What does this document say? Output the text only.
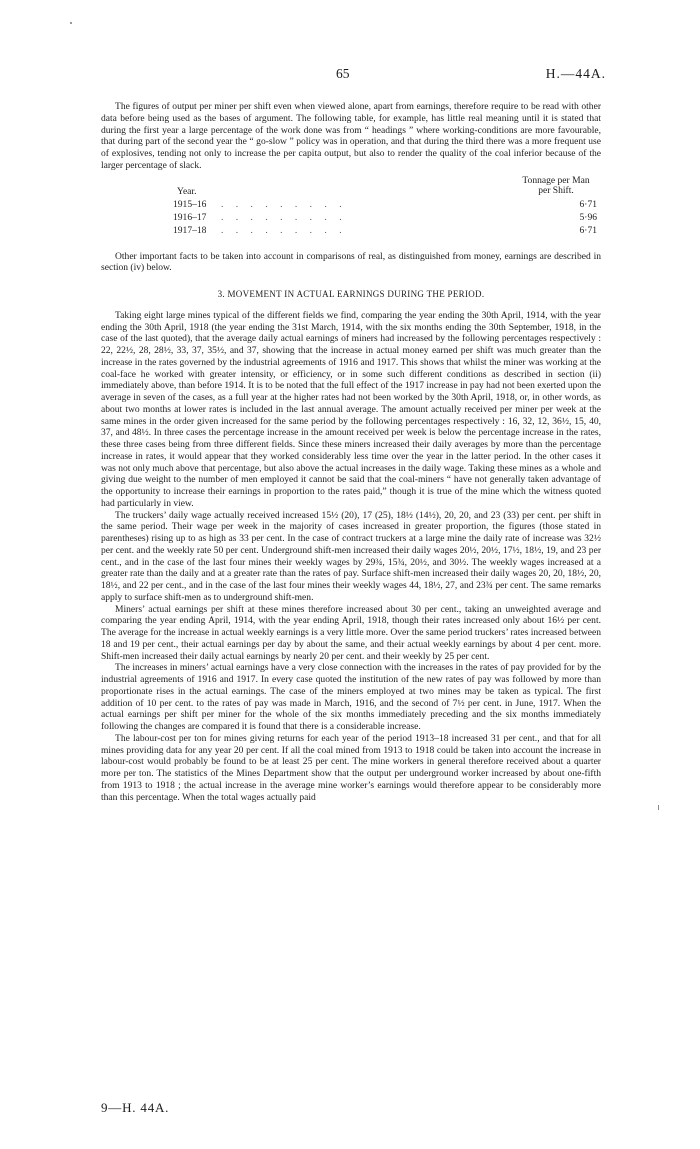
65	H.—44A.

The figures of output per miner per shift even when viewed alone, apart from earnings, therefore require to be read with other data before being used as the bases of argument. The following table, for example, has little real meaning until it is stated that during the first year a large percentage of the work done was from “ headings ” where working-conditions are more favourable, that during part of the second year the “ go-slow ” policy was in operation, and that during the third there was a more frequent use of explosives, tending not only to increase the per capita output, but also to render the quality of the coal inferior because of the larger percentage of slack.

Year.
Tonnage per Man
per Shift.
1915–16 . . . . . . . . .	6·71
1916–17 . . . . . . . . .	5·96
1917–18 . . . . . . . . .	6·71

Other important facts to be taken into account in comparisons of real, as distinguished from money, earnings are described in section (iv) below.

3. MOVEMENT IN ACTUAL EARNINGS DURING THE PERIOD.

Taking eight large mines typical of the different fields we find, comparing the year ending the 30th April, 1914, with the year ending the 30th April, 1918 (the year ending the 31st March, 1914, with the six months ending the 30th September, 1918, in the case of the last quoted), that the average daily actual earnings of miners had increased by the following percentages respectively : 22, 22½, 28, 28½, 33, 37, 35½, and 37, showing that the increase in actual money earned per shift was much greater than the increase in the rates governed by the industrial agreements of 1916 and 1917. This shows that whilst the miner was working at the coal-face he worked with greater intensity, or efficiency, or in some such different conditions as described in section (ii) immediately above, than before 1914. It is to be noted that the full effect of the 1917 increase in pay had not been exerted upon the average in seven of the cases, as a full year at the higher rates had not been worked by the 30th April, 1918, or, in other words, as about two months at lower rates is included in the last annual average. The amount actually received per miner per week at the same mines in the order given increased for the same period by the following percentages respectively : 16, 32, 12, 36½, 15, 40, 37, and 48½. In three cases the percentage increase in the amount received per week is below the percentage increase in the rates, these three cases being from three different fields. Since these miners increased their daily averages by more than the percentage increase in rates, it would appear that they worked considerably less time over the year in the latter period. In the other cases it was not only much above that percentage, but also above the actual increases in the daily wage. Taking these mines as a whole and giving due weight to the number of men employed it cannot be said that the coal-miners “ have not generally taken advantage of the opportunity to increase their earnings in proportion to the rates paid,” though it is true of the mine which the witness quoted had particularly in view.

The truckers’ daily wage actually received increased 15½ (20), 17 (25), 18½ (14½), 20, 20, and 23 (33) per cent. per shift in the same period. Their wage per week in the majority of cases increased in greater proportion, the figures (those stated in parentheses) rising up to as high as 33 per cent. In the case of contract truckers at a large mine the daily rate of increase was 32½ per cent. and the weekly rate 50 per cent. Underground shift-men increased their daily wages 20½, 20½, 17½, 18½, 19, and 23 per cent., and in the case of the last four mines their weekly wages by 29¾, 15¾, 20½, and 30½. The weekly wages increased at a greater rate than the daily and at a greater rate than the rates of pay. Surface shift-men increased their daily wages 20, 20, 18½, 20, 18½, and 22 per cent., and in the case of the last four mines their weekly wages 44, 18½, 27, and 23¾ per cent. The same remarks apply to surface shift-men as to underground shift-men.

Miners’ actual earnings per shift at these mines therefore increased about 30 per cent., taking an unweighted average and comparing the year ending April, 1914, with the year ending April, 1918, though their rates increased only about 16½ per cent. The average for the increase in actual weekly earnings is a very little more. Over the same period truckers’ rates increased between 18 and 19 per cent., their actual earnings per day by about the same, and their actual weekly earnings by about 4 per cent. more. Shift-men increased their daily actual earnings by nearly 20 per cent. and their weekly by 25 per cent.

The increases in miners’ actual earnings have a very close connection with the increases in the rates of pay provided for by the industrial agreements of 1916 and 1917. In every case quoted the institution of the new rates of pay was followed by more than proportionate rises in the actual earnings. The case of the miners employed at two mines may be taken as typical. The first addition of 10 per cent. to the rates of pay was made in March, 1916, and the second of 7½ per cent. in June, 1917. When the actual earnings per shift per miner for the whole of the six months immediately preceding and the six months immediately following the changes are compared it is found that there is a considerable increase.

The labour-cost per ton for mines giving returns for each year of the period 1913–18 increased 31 per cent., and that for all mines providing data for any year 20 per cent. If all the coal mined from 1913 to 1918 could be taken into account the increase in labour-cost would probably be found to be at least 25 per cent. The mine workers in general therefore received about a quarter more per ton. The statistics of the Mines Department show that the output per underground worker increased by about one-fifth from 1913 to 1918 ; the actual increase in the average mine worker’s earnings would therefore appear to be considerably more than this percentage. When the total wages actually paid

9—H. 44A.
